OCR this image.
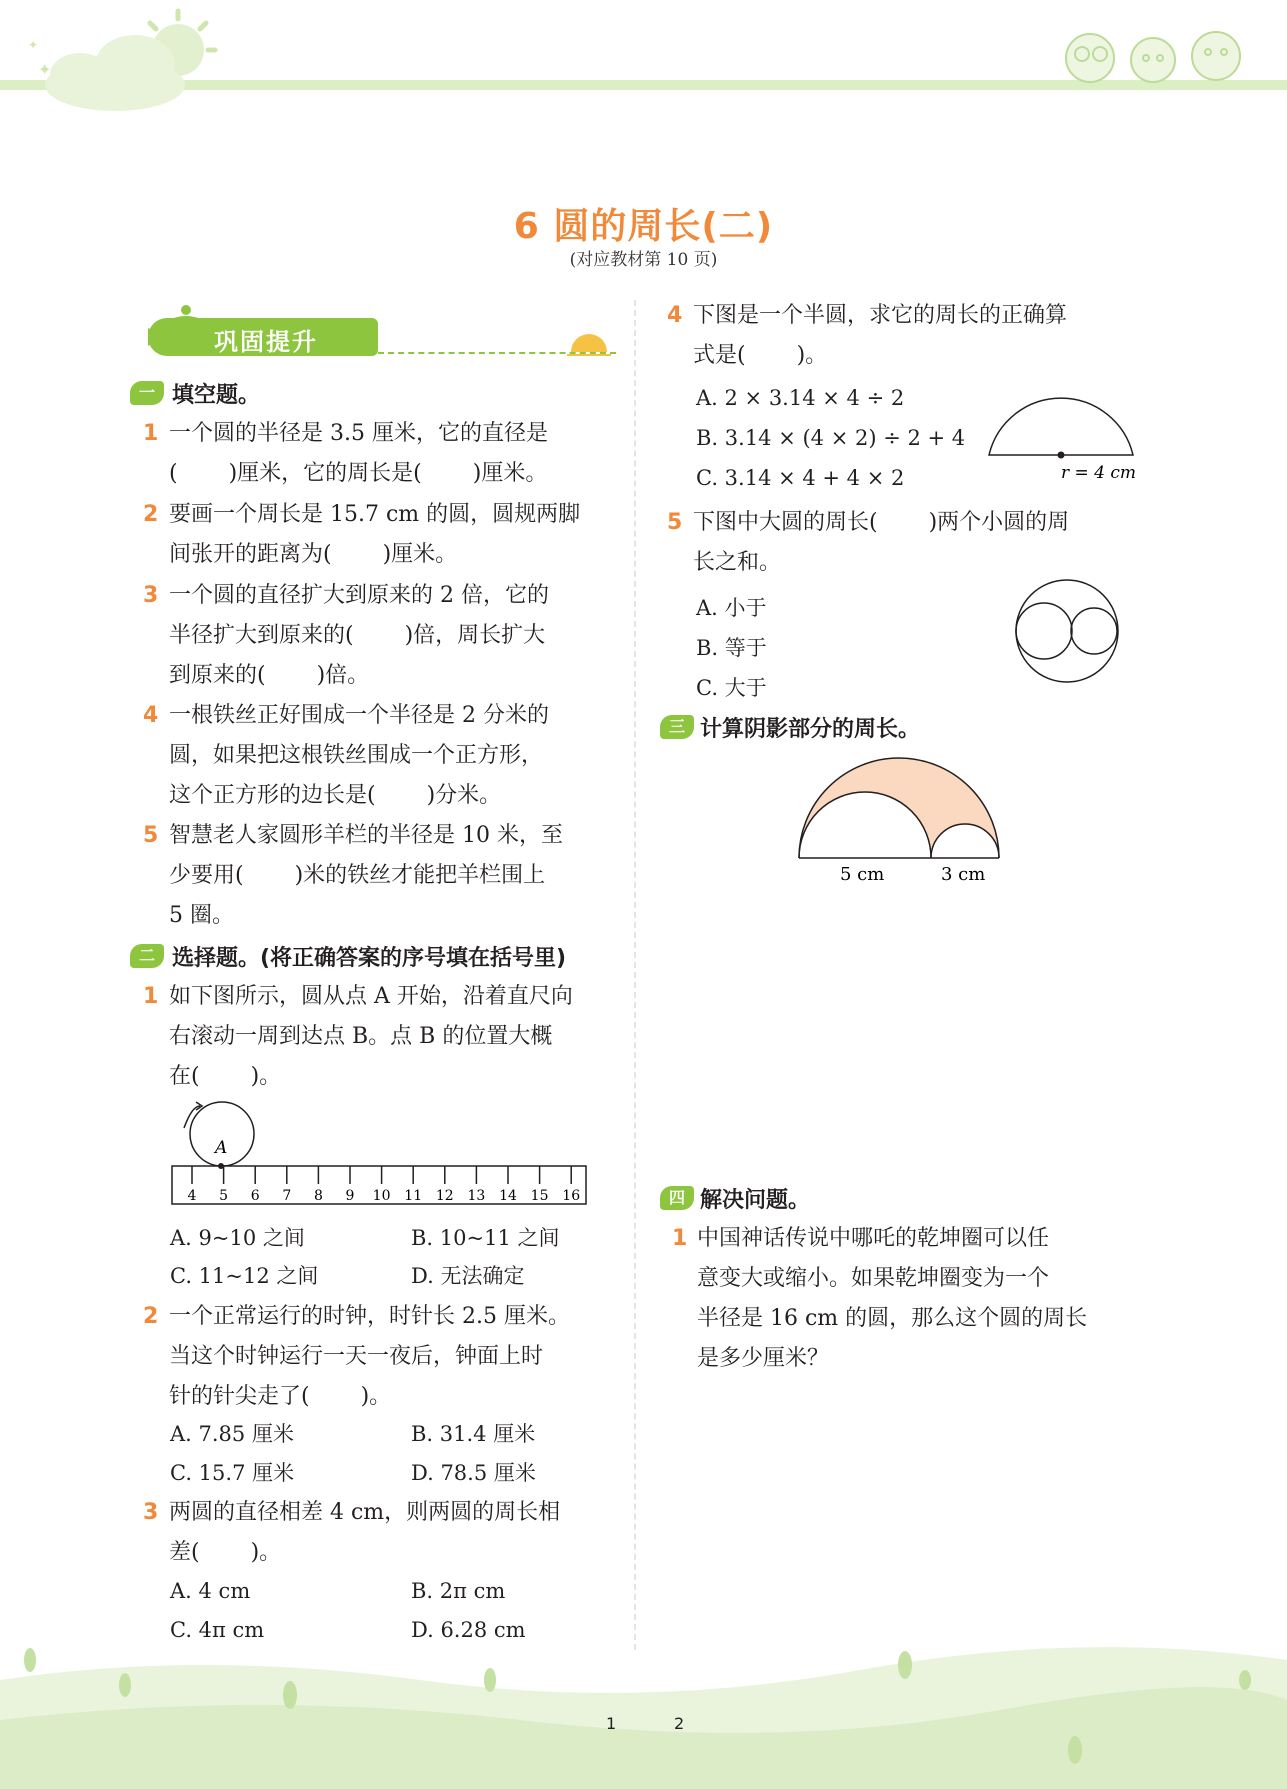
✦
✦
6 圆的周长(二)
(对应教材第 10 页)
巩固提升
一 填空题。
1 一个圆的半径是 3.5 厘米，它的直径是
(　　 )厘米，它的周长是(　　 )厘米。
2 要画一个周长是 15.7 cm 的圆，圆规两脚
间张开的距离为(　　 )厘米。
3 一个圆的直径扩大到原来的 2 倍，它的
半径扩大到原来的(　　 )倍，周长扩大
到原来的(　　 )倍。
4 一根铁丝正好围成一个半径是 2 分米的
圆，如果把这根铁丝围成一个正方形，
这个正方形的边长是(　　 )分米。
5 智慧老人家圆形羊栏的半径是 10 米，至
少要用(　　 )米的铁丝才能把羊栏围上
5 圈。
二 选择题。(将正确答案的序号填在括号里)
1 如下图所示，圆从点 A 开始，沿着直尺向
右滚动一周到达点 B。点 B 的位置大概
在(　　 )。
A
4 5 6 7 8 9 10 11 12 13 14 15 16
A. 9~10 之间	B. 10~11 之间
C. 11~12 之间	D. 无法确定
2 一个正常运行的时钟，时针长 2.5 厘米。
当这个时钟运行一天一夜后，钟面上时
针的针尖走了(　　 )。
A. 7.85 厘米	B. 31.4 厘米
C. 15.7 厘米	D. 78.5 厘米
3 两圆的直径相差 4 cm，则两圆的周长相
差(　　 )。
A. 4 cm	B. 2π cm
C. 4π cm	D. 6.28 cm
4 下图是一个半圆，求它的周长的正确算
式是(　　 )。
A. 2 × 3.14 × 4 ÷ 2
B. 3.14 × (4 × 2) ÷ 2 + 4
C. 3.14 × 4 + 4 × 2	r = 4 cm
5 下图中大圆的周长(　　 )两个小圆的周
长之和。
A. 小于
B. 等于
C. 大于
三 计算阴影部分的周长。
5 cm	3 cm
四 解决问题。
1 中国神话传说中哪吒的乾坤圈可以任
意变大或缩小。如果乾坤圈变为一个
半径是 16 cm 的圆，那么这个圆的周长
是多少厘米？
1	2
